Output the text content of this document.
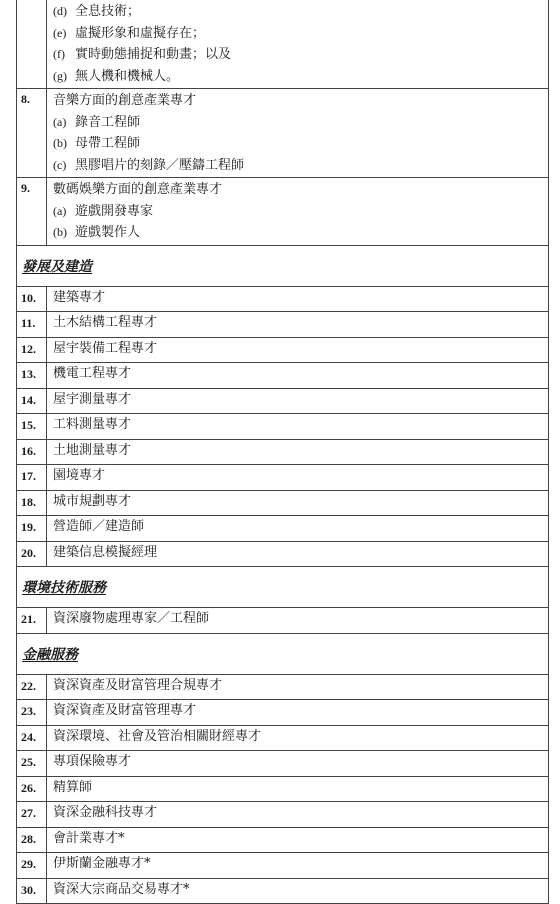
	(d) 全息技術；
(e) 虛擬形象和虛擬存在；
(f) 實時動態捕捉和動畫；以及
(g) 無人機和機械人。

8.	音樂方面的創意產業專才
(a) 錄音工程師
(b) 母帶工程師
(c) 黑膠唱片的刻錄／壓鑄工程師

9.	數碼娛樂方面的創意產業專才
(a) 遊戲開發專家
(b) 遊戲製作人

發展及建造	
10.	建築專才

11.	土木結構工程專才

12.	屋宇裝備工程專才

13.	機電工程專才

14.	屋宇測量專才

15.	工料測量專才

16.	土地測量專才

17.	園境專才

18.	城市規劃專才

19.	營造師／建造師

20.	建築信息模擬經理

環境技術服務	
21.	資深廢物處理專家／工程師

金融服務	
22.	資深資產及財富管理合規專才

23.	資深資產及財富管理專才

24.	資深環境、社會及管治相關財經專才

25.	專項保險專才

26.	精算師

27.	資深金融科技專才

28.	會計業專才*

29.	伊斯蘭金融專才*

30.	資深大宗商品交易專才*
